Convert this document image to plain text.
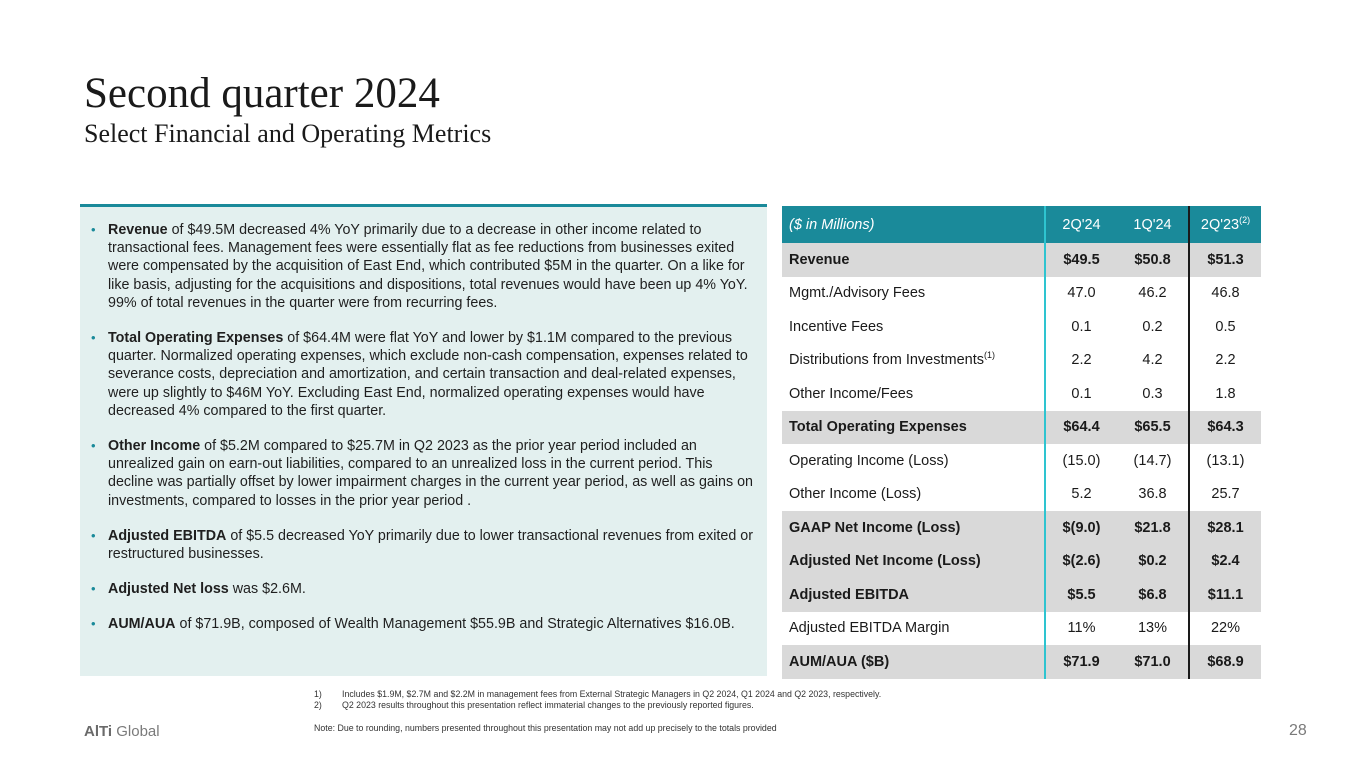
Second quarter 2024
Select Financial and Operating Metrics
• Revenue of $49.5M decreased 4% YoY primarily due to a decrease in other income related to transactional fees. Management fees were essentially flat as fee reductions from businesses exited were compensated by the acquisition of East End, which contributed $5M in the quarter. On a like for like basis, adjusting for the acquisitions and dispositions, total revenues would have been up 4% YoY. 99% of total revenues in the quarter were from recurring fees.
• Total Operating Expenses of $64.4M were flat YoY and lower by $1.1M compared to the previous quarter. Normalized operating expenses, which exclude non-cash compensation, expenses related to severance costs, depreciation and amortization, and certain transaction and deal-related expenses, were up slightly to $46M YoY. Excluding East End, normalized operating expenses would have decreased 4% compared to the first quarter.
• Other Income of $5.2M compared to $25.7M in Q2 2023 as the prior year period included an unrealized gain on earn-out liabilities, compared to an unrealized loss in the current period. This decline was partially offset by lower impairment charges in the current year period, as well as gains on investments, compared to losses in the prior year period .
• Adjusted EBITDA of $5.5 decreased YoY primarily due to lower transactional revenues from exited or restructured businesses.
• Adjusted Net loss was $2.6M.
• AUM/AUA of $71.9B, composed of Wealth Management $55.9B and Strategic Alternatives $16.0B.
($ in Millions)	2Q'24	1Q'24	2Q'23$^{(2)}$
Revenue	$49.5	$50.8	$51.3
Mgmt./Advisory Fees	47.0	46.2	46.8
Incentive Fees	0.1	0.2	0.5
Distributions from Investments$^{(1)}$	2.2	4.2	2.2
Other Income/Fees	0.1	0.3	1.8
Total Operating Expenses	$64.4	$65.5	$64.3
Operating Income (Loss)	(15.0)	(14.7)	(13.1)
Other Income (Loss)	5.2	36.8	25.7
GAAP Net Income (Loss)	$(9.0)	$21.8	$28.1
Adjusted Net Income (Loss)	$(2.6)	$0.2	$2.4
Adjusted EBITDA	$5.5	$6.8	$11.1
Adjusted EBITDA Margin	11%	13%	22%
AUM/AUA ($B)	$71.9	$71.0	$68.9
1)	Includes $1.9M, $2.7M and $2.2M in management fees from External Strategic Managers in Q2 2024, Q1 2024 and Q2 2023, respectively.
2)	Q2 2023 results throughout this presentation reflect immaterial changes to the previously reported figures.
Note: Due to rounding, numbers presented throughout this presentation may not add up precisely to the totals provided
AlTi Global	28
